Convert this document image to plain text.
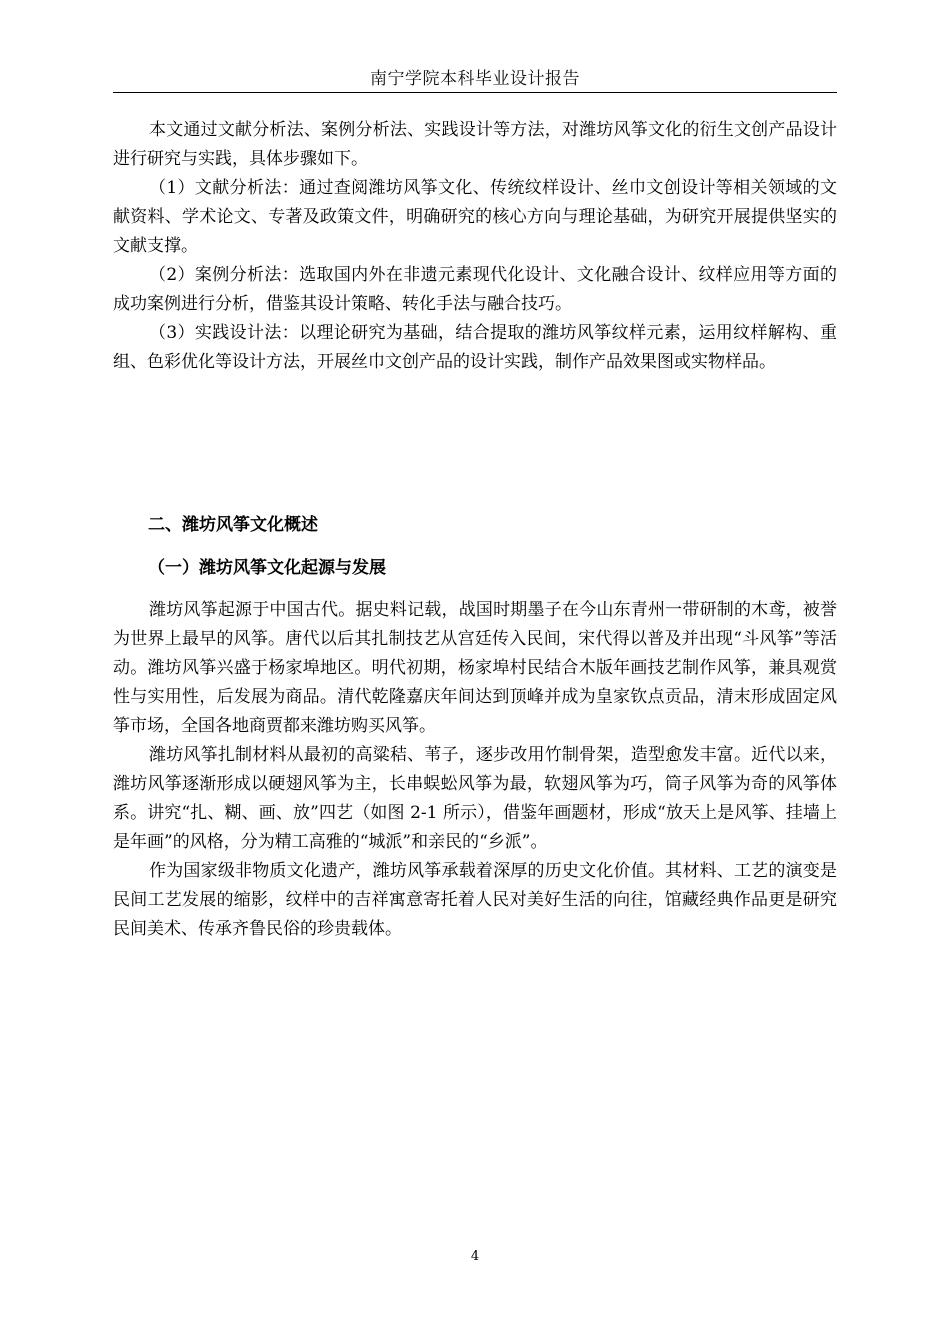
南宁学院本科毕业设计报告

本文通过文献分析法、案例分析法、实践设计等方法，对潍坊风筝文化的衍生文创产品设计进行研究与实践，具体步骤如下。

（1）文献分析法：通过查阅潍坊风筝文化、传统纹样设计、丝巾文创设计等相关领域的文献资料、学术论文、专著及政策文件，明确研究的核心方向与理论基础，为研究开展提供坚实的文献支撑。

（2）案例分析法：选取国内外在非遗元素现代化设计、文化融合设计、纹样应用等方面的成功案例进行分析，借鉴其设计策略、转化手法与融合技巧。

（3）实践设计法：以理论研究为基础，结合提取的潍坊风筝纹样元素，运用纹样解构、重组、色彩优化等设计方法，开展丝巾文创产品的设计实践，制作产品效果图或实物样品。

二、潍坊风筝文化概述
（一）潍坊风筝文化起源与发展

潍坊风筝起源于中国古代。据史料记载，战国时期墨子在今山东青州一带研制的木鸢，被誉为世界上最早的风筝。唐代以后其扎制技艺从宫廷传入民间，宋代得以普及并出现“斗风筝”等活动。潍坊风筝兴盛于杨家埠地区。明代初期，杨家埠村民结合木版年画技艺制作风筝，兼具观赏性与实用性，后发展为商品。清代乾隆嘉庆年间达到顶峰并成为皇家钦点贡品，清末形成固定风筝市场，全国各地商贾都来潍坊购买风筝。

潍坊风筝扎制材料从最初的高粱秸、苇子，逐步改用竹制骨架，造型愈发丰富。近代以来，潍坊风筝逐渐形成以硬翅风筝为主，长串蜈蚣风筝为最，软翅风筝为巧，筒子风筝为奇的风筝体系。讲究“扎、糊、画、放”四艺（如图 2-1 所示），借鉴年画题材，形成“放天上是风筝、挂墙上是年画”的风格，分为精工高雅的“城派”和亲民的“乡派”。

作为国家级非物质文化遗产，潍坊风筝承载着深厚的历史文化价值。其材料、工艺的演变是民间工艺发展的缩影，纹样中的吉祥寓意寄托着人民对美好生活的向往，馆藏经典作品更是研究民间美术、传承齐鲁民俗的珍贵载体。

4
